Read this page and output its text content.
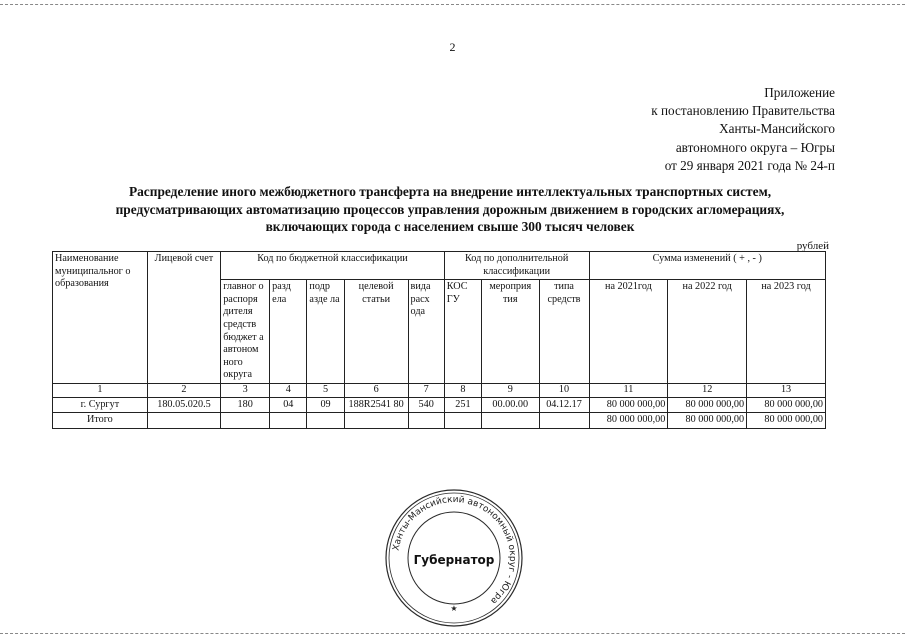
2
Приложение
к постановлению Правительства
Ханты-Мансийского
автономного округа – Югры
от 29 января 2021 года № 24-п
Распределение иного межбюджетного трансферта на внедрение интеллектуальных транспортных систем,
предусматривающих автоматизацию процессов управления дорожным движением в городских агломерациях,
включающих города с населением свыше 300 тысяч человек
рублей
Наименование муниципальног о образования	Лицевой счет	Код по бюджетной классификации					Код по дополнительной классификации			Сумма изменений ( + , - )		
		главног о распоря дителя средств бюджет а автоном ного округа	разд ела	подр азде ла	целевой статьи	вида расх ода	КОС ГУ	мероприя тия	типа средств	на 2021год	на 2022 год	на 2023 год
1	2	3	4	5	6	7	8	9	10	11	12	13
г. Сургут	180.05.020.5	180	04	09	188R2541 80	540	251	00.00.00	04.12.17	80 000 000,00	80 000 000,00	80 000 000,00
Итого										80 000 000,00	80 000 000,00	80 000 000,00
Ханты-Мансийский автономный округ - Югра
Губернатор
★
